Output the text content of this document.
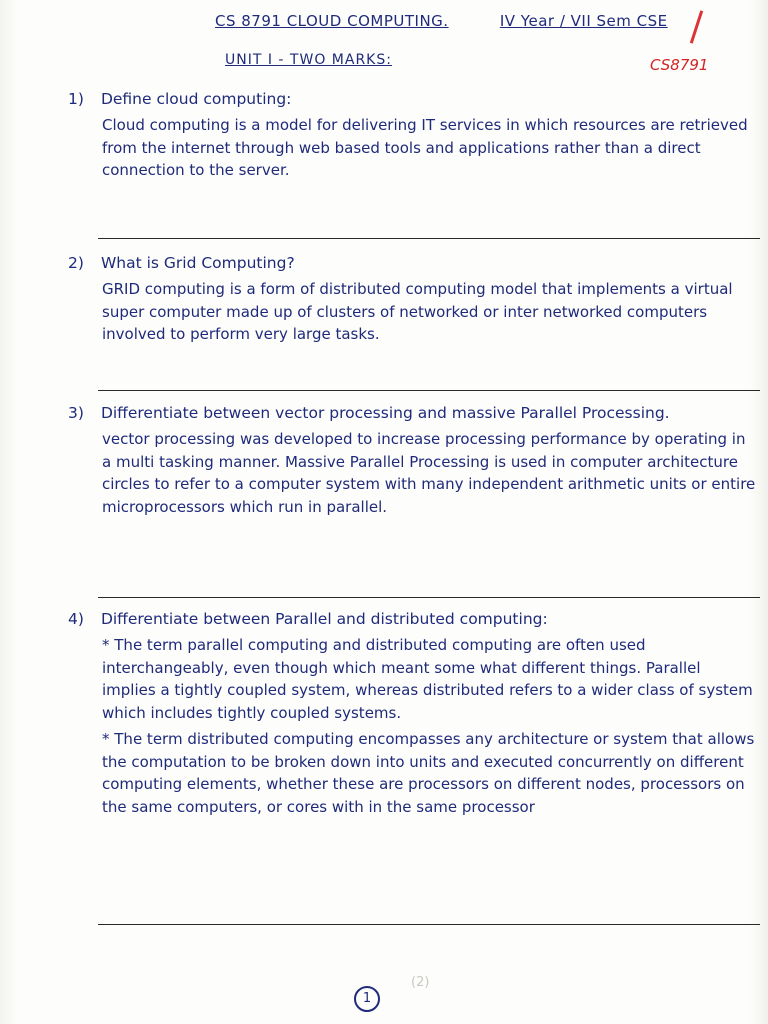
CS 8791 CLOUD COMPUTING.	IV Year / VII Sem CSE
UNIT I - TWO MARKS:	CS8791

1) Define cloud computing:

Cloud computing is a model for delivering IT services in which resources are retrieved from the internet through web based tools and applications rather than a direct connection to the server.

2) What is Grid Computing?

GRID computing is a form of distributed computing model that implements a virtual super computer made up of clusters of networked or inter networked computers involved to perform very large tasks.

3) Differentiate between vector processing and massive Parallel Processing.

vector processing was developed to increase processing performance by operating in a multi tasking manner. Massive Parallel Processing is used in computer architecture circles to refer to a computer system with many independent arithmetic units or entire microprocessors which run in parallel.

4) Differentiate between Parallel and distributed computing:

* The term parallel computing and distributed computing are often used interchangeably, even though which meant some what different things. Parallel implies a tightly coupled system, whereas distributed refers to a wider class of system which includes tightly coupled systems.

* The term distributed computing encompasses any architecture or system that allows the computation to be broken down into units and executed concurrently on different computing elements, whether these are processors on different nodes, processors on the same computers, or cores with in the same processor

1
(2)
